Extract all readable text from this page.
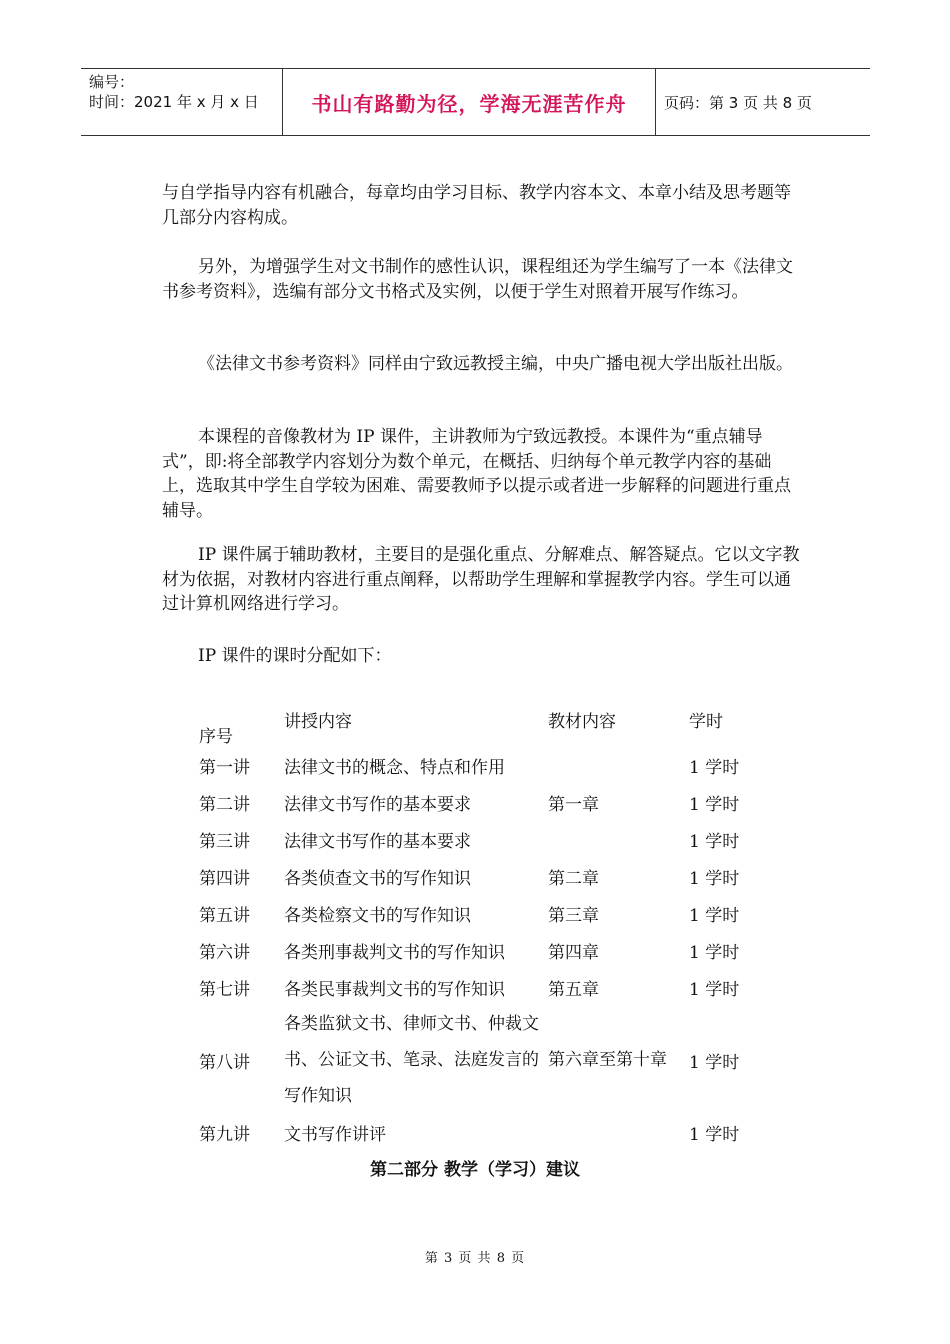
编号：
时间：2021 年 x 月 x 日	书山有路勤为径，学海无涯苦作舟	页码：第 3 页 共 8 页

与自学指导内容有机融合，每章均由学习目标、教学内容本文、本章小结及思考题等几部分内容构成。

另外，为增强学生对文书制作的感性认识，课程组还为学生编写了一本《法律文书参考资料》，选编有部分文书格式及实例，以便于学生对照着开展写作练习。

《法律文书参考资料》同样由宁致远教授主编，中央广播电视大学出版社出版。

本课程的音像教材为 IP 课件，主讲教师为宁致远教授。本课件为“重点辅导式”，即:将全部教学内容划分为数个单元，在概括、归纳每个单元教学内容的基础上，选取其中学生自学较为困难、需要教师予以提示或者进一步解释的问题进行重点辅导。

IP 课件属于辅助教材，主要目的是强化重点、分解难点、解答疑点。它以文字教材为依据，对教材内容进行重点阐释，以帮助学生理解和掌握教学内容。学生可以通过计算机网络进行学习。

IP 课件的课时分配如下：

序号	讲授内容	教材内容	学时
第一讲	法律文书的概念、特点和作用		1 学时
第二讲	法律文书写作的基本要求	第一章	1 学时
第三讲	法律文书写作的基本要求		1 学时
第四讲	各类侦查文书的写作知识	第二章	1 学时
第五讲	各类检察文书的写作知识	第三章	1 学时
第六讲	各类刑事裁判文书的写作知识	第四章	1 学时
第七讲	各类民事裁判文书的写作知识	第五章	1 学时
第八讲	各类监狱文书、律师文书、仲裁文书、公证文书、笔录、法庭发言的写作知识	第六章至第十章	1 学时
第九讲	文书写作讲评		1 学时
第二部分 教学（学习）建议
第 3 页 共 8 页
